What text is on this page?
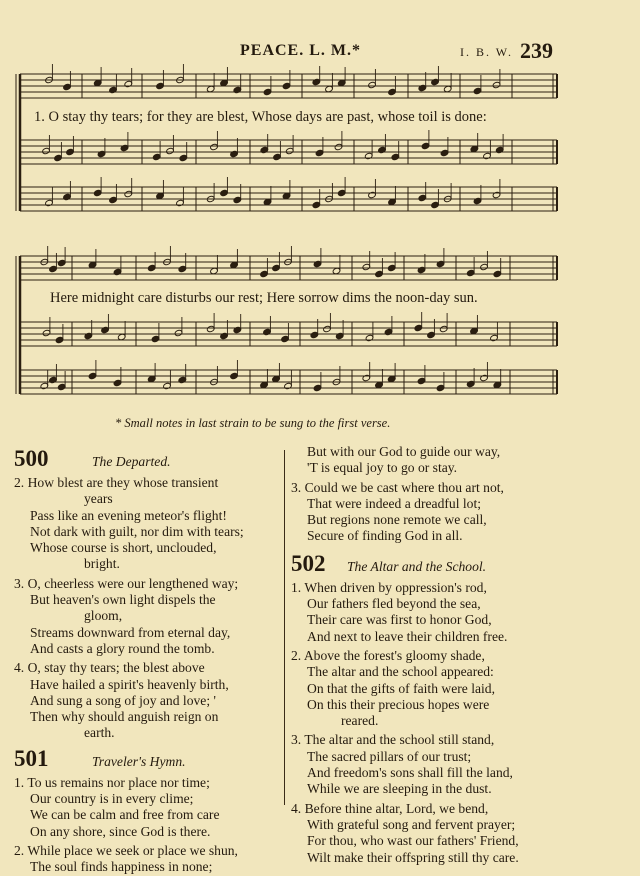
PEACE. L. M.*	I. B. W. 239
1. O stay thy tears; for they are blest, Whose days are past, whose toil is done:
Here midnight care disturbs our rest; Here sorrow dims the noon-day sun.
* Small notes in last strain to be sung to the first verse.
500	The Departed.
2. How blest are they whose transient
years
Pass like an evening meteor's flight!
Not dark with guilt, nor dim with tears;
Whose course is short, unclouded,
bright.
3. O, cheerless were our lengthened way;
But heaven's own light dispels the
gloom,
Streams downward from eternal day,
And casts a glory round the tomb.
4. O, stay thy tears; the blest above
Have hailed a spirit's heavenly birth,
And sung a song of joy and love; '
Then why should anguish reign on
earth.
501	Traveler's Hymn.
1. To us remains nor place nor time;
Our country is in every clime;
We can be calm and free from care
On any shore, since God is there.
2. While place we seek or place we shun,
The soul finds happiness in none;
But with our God to guide our way,
'T is equal joy to go or stay.
3. Could we be cast where thou art not,
That were indeed a dreadful lot;
But regions none remote we call,
Secure of finding God in all.
502	The Altar and the School.
1. When driven by oppression's rod,
Our fathers fled beyond the sea,
Their care was first to honor God,
And next to leave their children free.
2. Above the forest's gloomy shade,
The altar and the school appeared:
On that the gifts of faith were laid,
On this their precious hopes were
reared.
3. The altar and the school still stand,
The sacred pillars of our trust;
And freedom's sons shall fill the land,
While we are sleeping in the dust.
4. Before thine altar, Lord, we bend,
With grateful song and fervent prayer;
For thou, who wast our fathers' Friend,
Wilt make their offspring still thy care.
